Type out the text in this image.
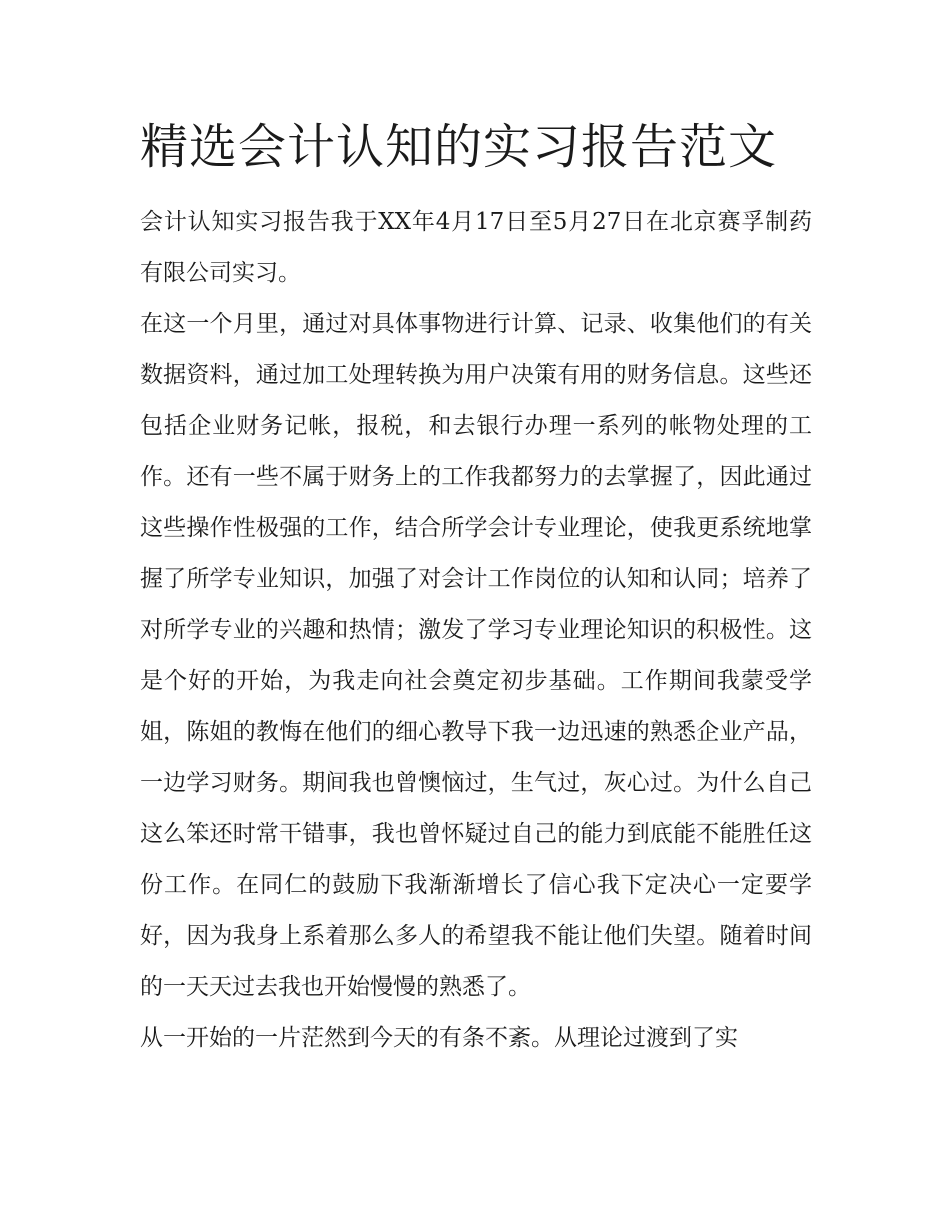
精选会计认知的实习报告范文

会计认知实习报告我于XX年4月17日至5月27日在北京赛孚制药有限公司实习。

在这一个月里，通过对具体事物进行计算、记录、收集他们的有关数据资料，通过加工处理转换为用户决策有用的财务信息。这些还包括企业财务记帐，报税，和去银行办理一系列的帐物处理的工作。还有一些不属于财务上的工作我都努力的去掌握了，因此通过这些操作性极强的工作，结合所学会计专业理论，使我更系统地掌握了所学专业知识，加强了对会计工作岗位的认知和认同；培养了对所学专业的兴趣和热情；激发了学习专业理论知识的积极性。这是个好的开始，为我走向社会奠定初步基础。工作期间我蒙受学姐，陈姐的教悔在他们的细心教导下我一边迅速的熟悉企业产品，一边学习财务。期间我也曾懊恼过，生气过，灰心过。为什么自己这么笨还时常干错事，我也曾怀疑过自己的能力到底能不能胜任这份工作。在同仁的鼓励下我渐渐增长了信心我下定决心一定要学好，因为我身上系着那么多人的希望我不能让他们失望。随着时间的一天天过去我也开始慢慢的熟悉了。

从一开始的一片茫然到今天的有条不紊。从理论过渡到了实
